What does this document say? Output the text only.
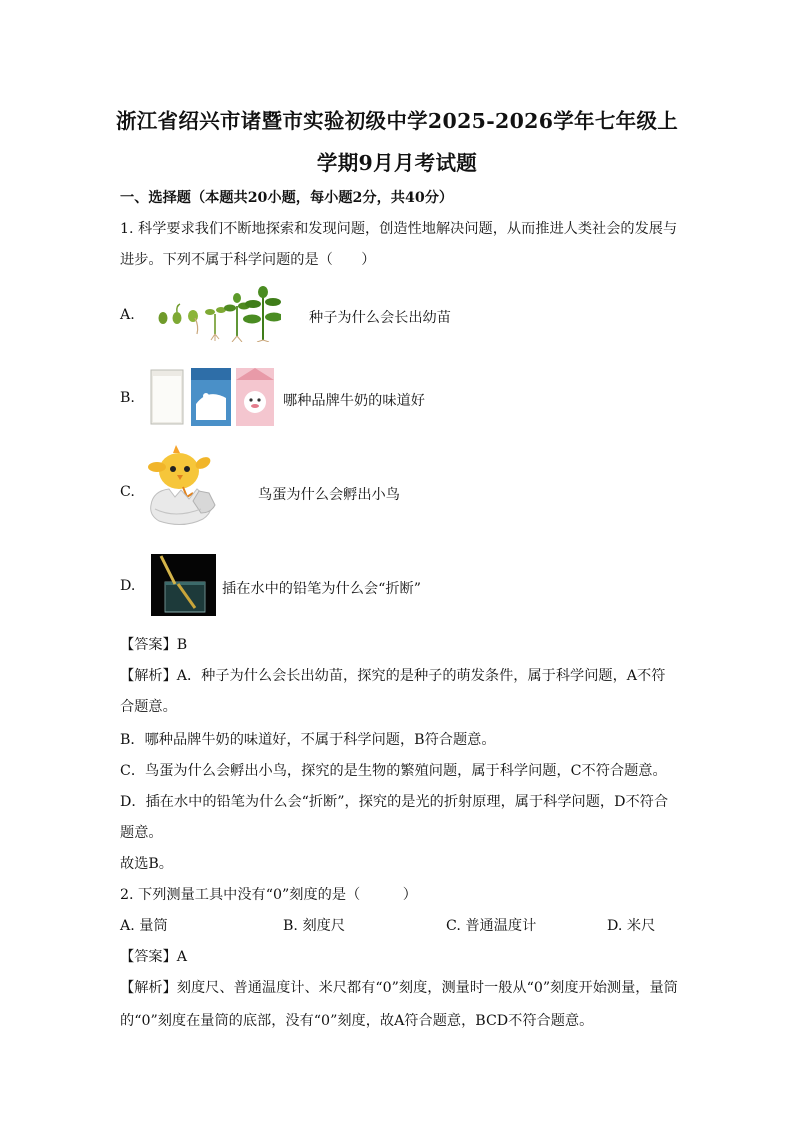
浙江省绍兴市诸暨市实验初级中学2025-2026学年七年级上
学期9月月考试题
一、选择题（本题共20小题，每小题2分，共40分）
1. 科学要求我们不断地探索和发现问题，创造性地解决问题，从而推进人类社会的发展与
进步。下列不属于科学问题的是（　　）
A.	种子为什么会长出幼苗
B.	哪种品牌牛奶的味道好
C.	鸟蛋为什么会孵出小鸟
D.	插在水中的铅笔为什么会“折断”
【答案】B
【解析】A．种子为什么会长出幼苗，探究的是种子的萌发条件，属于科学问题，A不符
合题意。
B．哪种品牌牛奶的味道好，不属于科学问题，B符合题意。
C．鸟蛋为什么会孵出小鸟，探究的是生物的繁殖问题，属于科学问题，C不符合题意。
D．插在水中的铅笔为什么会“折断”，探究的是光的折射原理，属于科学问题，D不符合
题意。
故选B。
2. 下列测量工具中没有“0”刻度的是（　　　）
A. 量筒	B. 刻度尺	C. 普通温度计	D. 米尺
【答案】A
【解析】刻度尺、普通温度计、米尺都有“0”刻度，测量时一般从“0”刻度开始测量，量筒
的“0”刻度在量筒的底部，没有“0”刻度，故A符合题意，BCD不符合题意。
